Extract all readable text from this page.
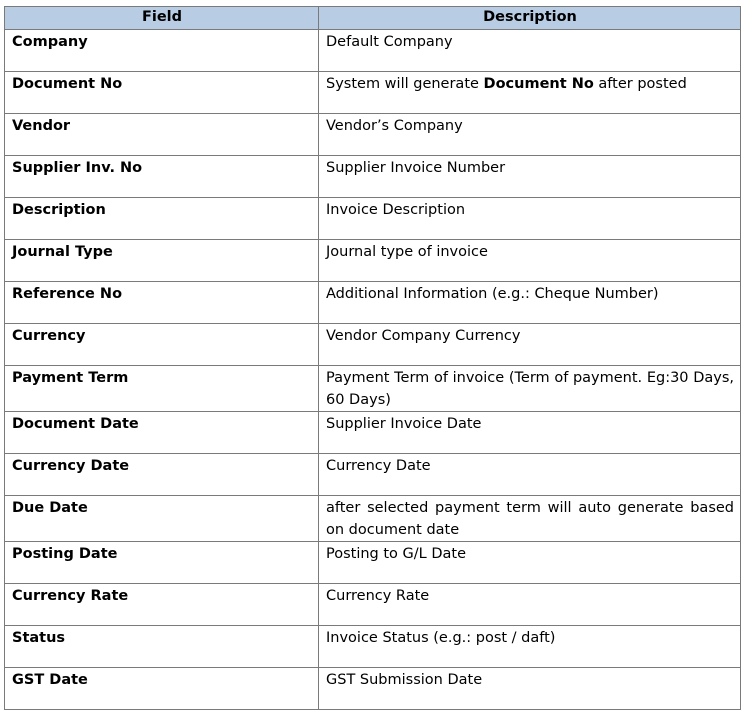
Field	Description
Company	Default Company
Document No	System will generate Document No after posted
Vendor	Vendor’s Company
Supplier Inv. No	Supplier Invoice Number
Description	Invoice Description
Journal Type	Journal type of invoice
Reference No	Additional Information (e.g.: Cheque Number)
Currency	Vendor Company Currency
Payment Term	Payment Term of invoice (Term of payment. Eg:30 Days, 60 Days)
Document Date	Supplier Invoice Date
Currency Date	Currency Date
Due Date	after selected payment term will auto generate based on document date
Posting Date	Posting to G/L Date
Currency Rate	Currency Rate
Status	Invoice Status (e.g.: post / daft)
GST Date	GST Submission Date
